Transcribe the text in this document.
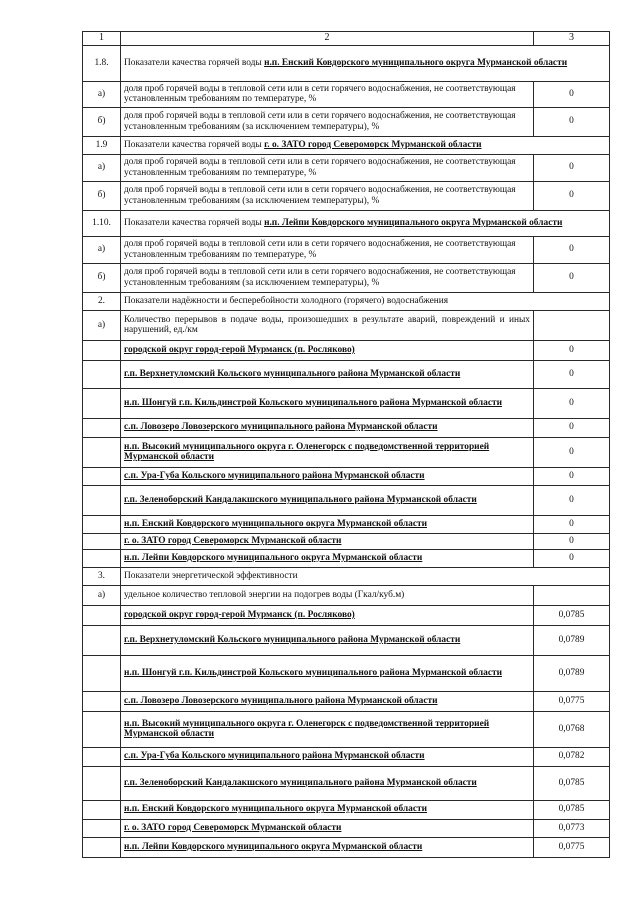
1	2	3
1.8.	Показатели качества горячей воды н.п. Енский Ковдорского муниципального округа Мурманской области	
а)	доля проб горячей воды в тепловой сети или в сети горячего водоснабжения, не соответствующая установленным требованиям по температуре, %	0
б)	доля проб горячей воды в тепловой сети или в сети горячего водоснабжения, не соответствующая установленным требованиям (за исключением температуры), %	0
1.9	Показатели качества горячей воды г. о. ЗАТО город Североморск Мурманской области	
а)	доля проб горячей воды в тепловой сети или в сети горячего водоснабжения, не соответствующая установленным требованиям по температуре, %	0
б)	доля проб горячей воды в тепловой сети или в сети горячего водоснабжения, не соответствующая установленным требованиям (за исключением температуры), %	0
1.10.	Показатели качества горячей воды н.п. Лейпи Ковдорского муниципального округа Мурманской области	
а)	доля проб горячей воды в тепловой сети или в сети горячего водоснабжения, не соответствующая установленным требованиям по температуре, %	0
б)	доля проб горячей воды в тепловой сети или в сети горячего водоснабжения, не соответствующая установленным требованиям (за исключением температуры), %	0
2.	Показатели надёжности и бесперебойности холодного (горячего) водоснабжения	
а)	Количество перерывов в подаче воды, произошедших в результате аварий, повреждений и иных нарушений, ед./км	
	городской округ город-герой Мурманск (п. Росляково)	0
	г.п. Верхнетуломский Кольского муниципального района Мурманской области	0
	н.п. Шонгуй г.п. Кильдинстрой Кольского муниципального района Мурманской области	0
	с.п. Ловозеро Ловозерского муниципального района Мурманской области	0
	н.п. Высокий муниципального округа г. Оленегорск с подведомственной территорией Мурманской области	0
	с.п. Ура-Губа Кольского муниципального района Мурманской области	0
	г.п. Зеленоборский Кандалакшского муниципального района Мурманской области	0
	н.п. Енский Ковдорского муниципального округа Мурманской области	0
	г. о. ЗАТО город Североморск Мурманской области	0
	н.п. Лейпи Ковдорского муниципального округа Мурманской области	0
3.	Показатели энергетической эффективности	
а)	удельное количество тепловой энергии на подогрев воды (Гкал/куб.м)	
	городской округ город-герой Мурманск (п. Росляково)	0,0785
	г.п. Верхнетуломский Кольского муниципального района Мурманской области	0,0789
	н.п. Шонгуй г.п. Кильдинстрой Кольского муниципального района Мурманской области	0,0789
	с.п. Ловозеро Ловозерского муниципального района Мурманской области	0,0775
	н.п. Высокий муниципального округа г. Оленегорск с подведомственной территорией Мурманской области	0,0768
	с.п. Ура-Губа Кольского муниципального района Мурманской области	0,0782
	г.п. Зеленоборский Кандалакшского муниципального района Мурманской области	0,0785
	н.п. Енский Ковдорского муниципального округа Мурманской области	0,0785
	г. о. ЗАТО город Североморск Мурманской области	0,0773
	н.п. Лейпи Ковдорского муниципального округа Мурманской области	0,0775
